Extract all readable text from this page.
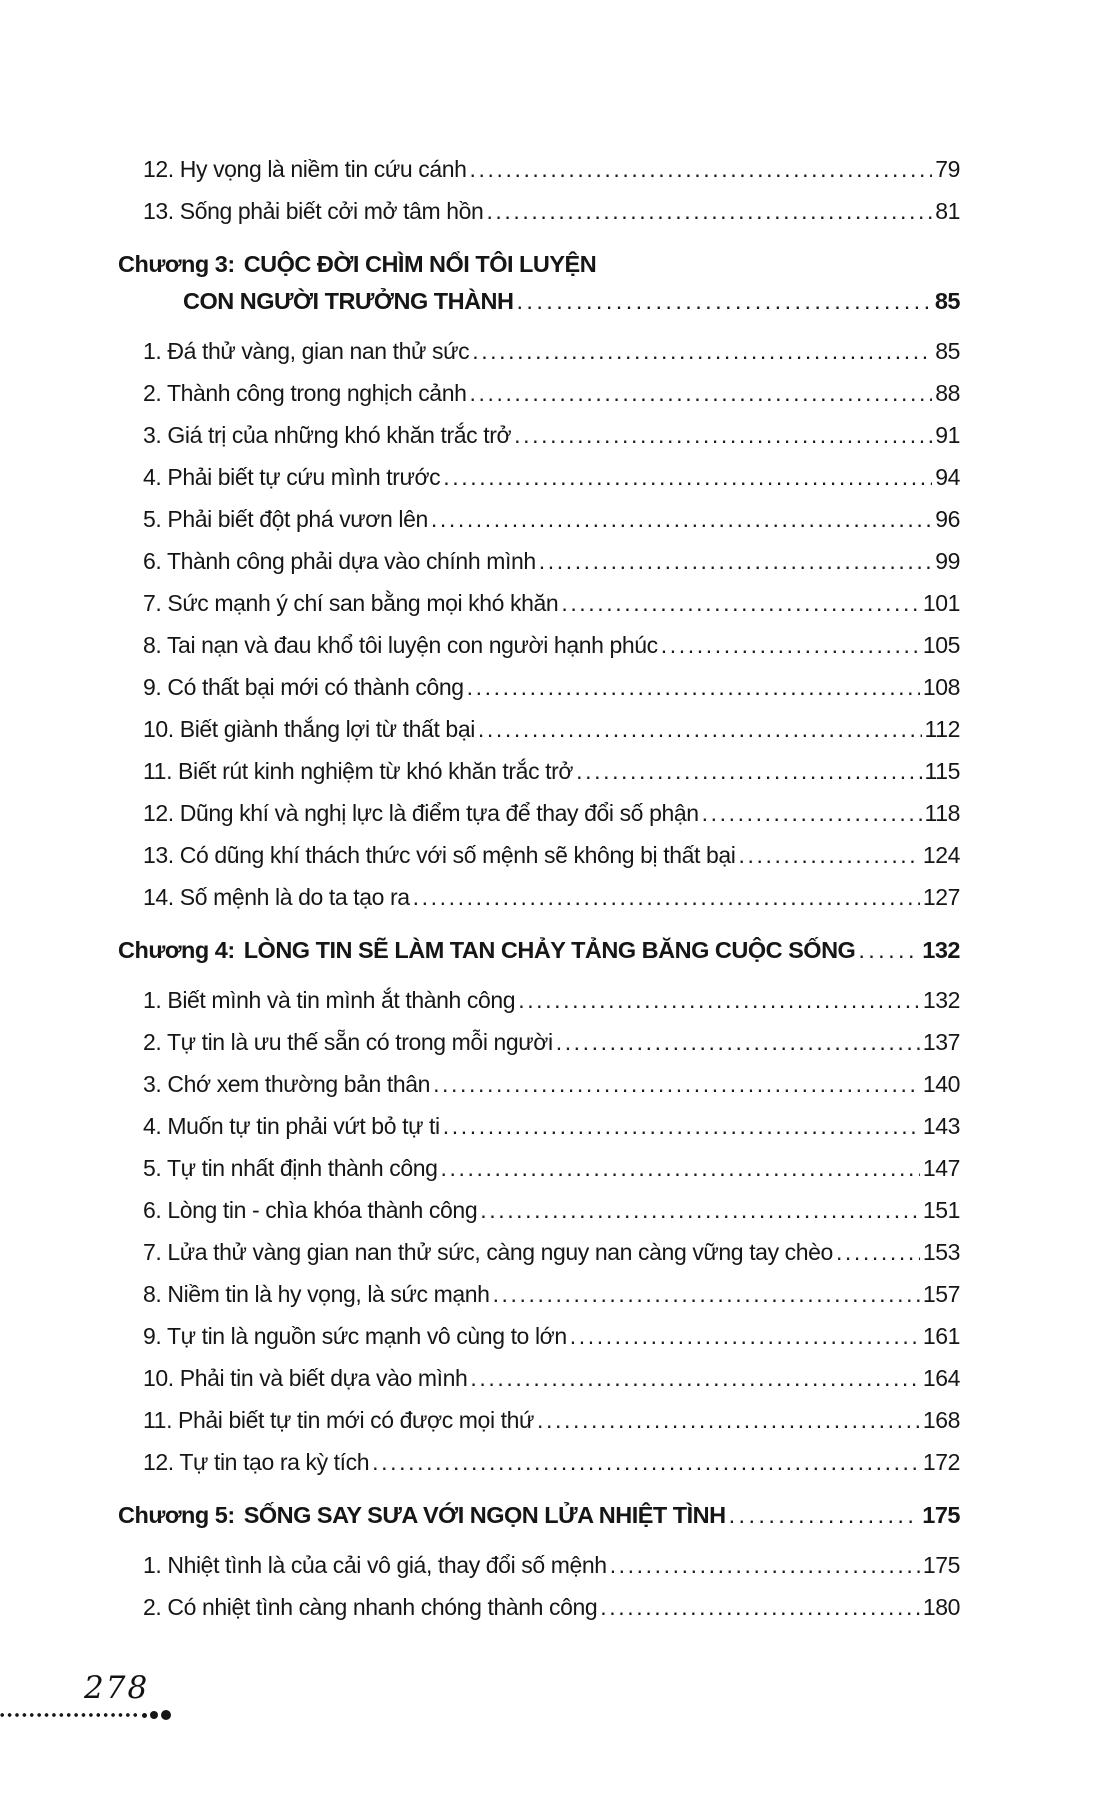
12. Hy vọng là niềm tin cứu cánh .....	79
13. Sống phải biết cởi mở tâm hồn .....	81
Chương 3: CUỘC ĐỜI CHÌM NỔI TÔI LUYỆN
CON NGƯỜI TRƯỞNG THÀNH .....	85
1. Đá thử vàng, gian nan thử sức .....	85
2. Thành công trong nghịch cảnh .....	88
3. Giá trị của những khó khăn trắc trở .....	91
4. Phải biết tự cứu mình trước .....	94
5. Phải biết đột phá vươn lên .....	96
6. Thành công phải dựa vào chính mình .....	99
7. Sức mạnh ý chí san bằng mọi khó khăn .....	101
8. Tai nạn và đau khổ tôi luyện con người hạnh phúc .....	105
9. Có thất bại mới có thành công .....	108
10. Biết giành thắng lợi từ thất bại .....	112
11. Biết rút kinh nghiệm từ khó khăn trắc trở .....	115
12. Dũng khí và nghị lực là điểm tựa để thay đổi số phận .....	118
13. Có dũng khí thách thức với số mệnh sẽ không bị thất bại .....	124
14. Số mệnh là do ta tạo ra .....	127
Chương 4: LÒNG TIN SẼ LÀM TAN CHẢY TẢNG BĂNG CUỘC SỐNG .....	132
1. Biết mình và tin mình ắt thành công .....	132
2. Tự tin là ưu thế sẵn có trong mỗi người .....	137
3. Chớ xem thường bản thân .....	140
4. Muốn tự tin phải vứt bỏ tự ti .....	143
5. Tự tin nhất định thành công .....	147
6. Lòng tin - chìa khóa thành công .....	151
7. Lửa thử vàng gian nan thử sức, càng nguy nan càng vững tay chèo .....	153
8. Niềm tin là hy vọng, là sức mạnh .....	157
9. Tự tin là nguồn sức mạnh vô cùng to lớn .....	161
10. Phải tin và biết dựa vào mình .....	164
11. Phải biết tự tin mới có được mọi thứ .....	168
12. Tự tin tạo ra kỳ tích .....	172
Chương 5: SỐNG SAY SƯA VỚI NGỌN LỬA NHIỆT TÌNH .....	175
1. Nhiệt tình là của cải vô giá, thay đổi số mệnh .....	175
2. Có nhiệt tình càng nhanh chóng thành công .....	180
278
